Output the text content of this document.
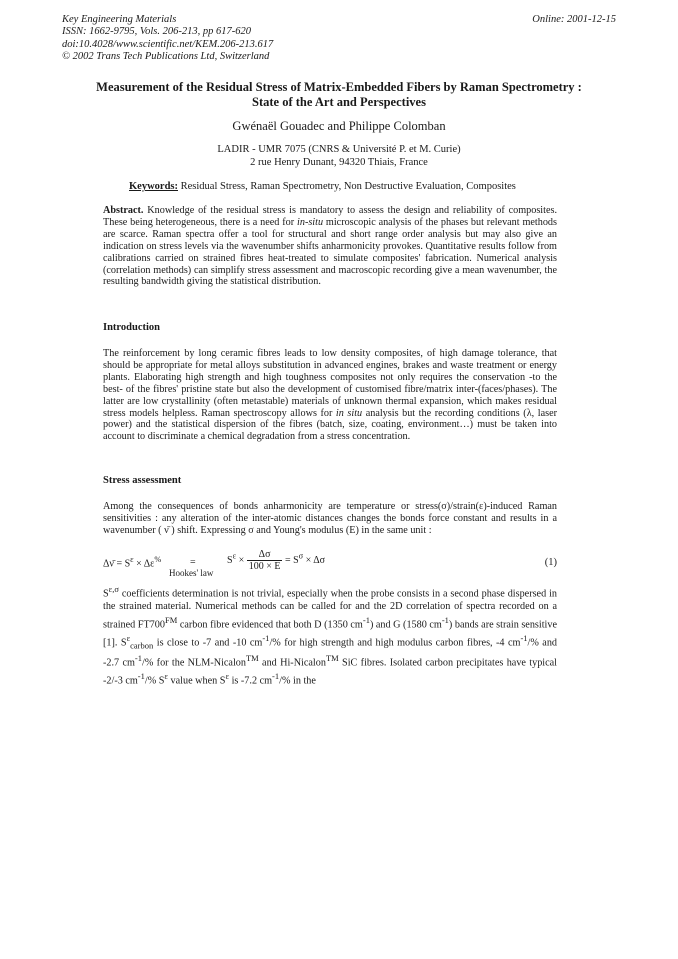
Key Engineering Materials
ISSN: 1662-9795, Vols. 206-213, pp 617-620
doi:10.4028/www.scientific.net/KEM.206-213.617
© 2002 Trans Tech Publications Ltd, Switzerland
Online: 2001-12-15
Measurement of the Residual Stress of Matrix-Embedded Fibers by Raman Spectrometry : State of the Art and Perspectives
Gwénaël Gouadec and Philippe Colomban
LADIR - UMR 7075 (CNRS & Université P. et M. Curie)
2 rue Henry Dunant, 94320 Thiais, France
Keywords: Residual Stress, Raman Spectrometry, Non Destructive Evaluation, Composites

Abstract. Knowledge of the residual stress is mandatory to assess the design and reliability of composites. These being heterogeneous, there is a need for in-situ microscopic analysis of the phases but relevant methods are scarce. Raman spectra offer a tool for structural and short range order analysis but may also give an indication on stress levels via the wavenumber shifts anharmonicity provokes. Quantitative results follow from calibrations carried on strained fibres heat-treated to simulate composites' fabrication. Numerical analysis (correlation methods) can simplify stress assessment and macroscopic recording give a mean wavenumber, the resulting bandwidth giving the statistical distribution.

Introduction

The reinforcement by long ceramic fibres leads to low density composites, of high damage tolerance, that should be appropriate for metal alloys substitution in advanced engines, brakes and waste treatment or energy plants. Elaborating high strength and high toughness composites not only requires the conservation -to the best- of the fibres' pristine state but also the development of customised fibre/matrix inter-(faces/phases). The latter are low crystallinity (often metastable) materials of unknown thermal expansion, which makes residual stress models helpless. Raman spectroscopy allows for in situ analysis but the recording conditions (λ, laser power) and the statistical dispersion of the fibres (batch, size, coating, environment…) must be taken into account to discriminate a chemical degradation from a stress concentration.

Stress assessment

Among the consequences of bonds anharmonicity are temperature or stress(σ)/strain(ε)-induced Raman sensitivities : any alteration of the inter-atomic distances changes the bonds force constant and results in a wavenumber ( ν̄ ) shift. Expressing σ and Young's modulus (E) in the same unit :

Δν̄ = $S^\varepsilon \times \Delta\varepsilon^{\%}$	=
Hookes' law
$S^\varepsilon \times \frac{\Delta\sigma}{100 \times E} = S^\sigma \times \Delta\sigma$	(1)

$S^{\varepsilon,\sigma}$ coefficients determination is not trivial, especially when the probe consists in a second phase dispersed in the strained material. Numerical methods can be called for and the 2D correlation of spectra recorded on a strained $FT700^{FM}$ carbon fibre evidenced that both D (1350 $cm^{-1}$) and G (1580 $cm^{-1}$) bands are strain sensitive [1]. $S^\varepsilon_{carbon}$ is close to -7 and -10 $cm^{-1}/\%$ for high strength and high modulus carbon fibres, -4 $cm^{-1}/\%$ and -2.7 $cm^{-1}/\%$ for the NLM-Nicalon™ and Hi-Nicalon™ SiC fibres. Isolated carbon precipitates have typical -2/-3 $cm^{-1}/\%$ $S^\varepsilon$ value when $S^\varepsilon$ is -7.2 $cm^{-1}/\%$ in the
